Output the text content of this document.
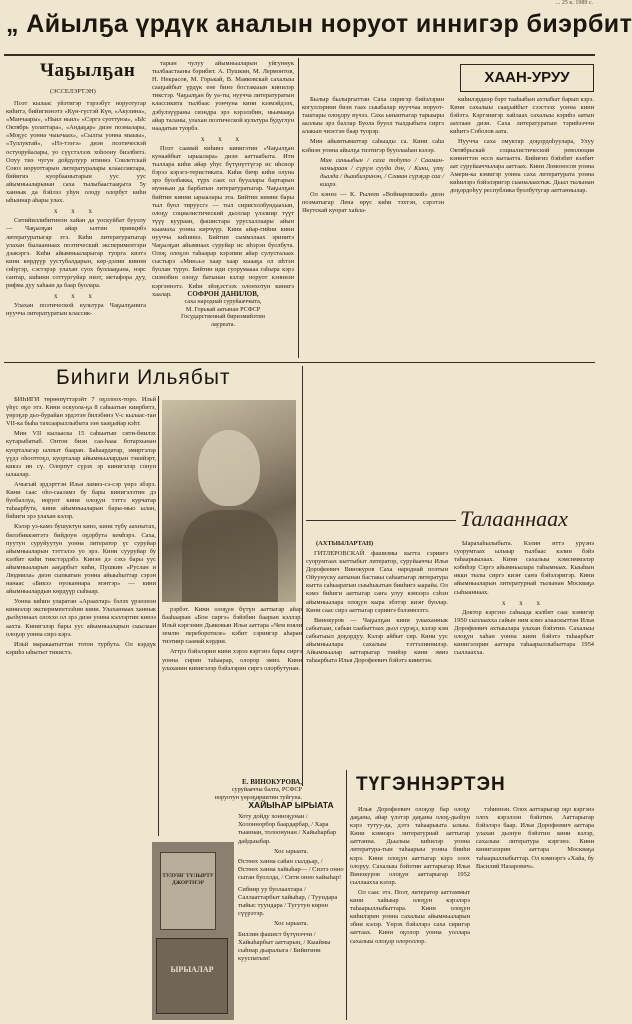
... 25 к. 1989 с.
„ Айылҕа үрдүк аналын норуот иннигэр биэрбит
Чаҕылҕан
(ЭССЕЛЭРТЭН)

Поэт кылаас уйэтигэр тэрээбүт норуотугар киһитэ, бийигиэнэтэ «Күн-гүстэй Күө, «Акулина», «Манчаары», «Ньил ньил» «Сэргэ суоттуюа», «Ыс Октябрь уолаттара», «Андаҕар» диэн поэмалары, «Моҕус уонна чыычаах», «Сылгы уонна мыыы», «Туллуктай», «Нэ-тээгэ» диэн поэтическэй остуоруйалары, уо сүүстэлээх хоһоону биэлбитэ. Олуу тиэ чугун дойдулуур итиннэ Совлетскай Союз норуоттарын литературалары клаассиктара, бийигиэ куорбаанытарын уус уус айымньыларынан саха тылыбаастааҕыта 5у ханнык да бэйлэз уһун олоду олорбут киһи ыһыннар аһары улах.

x x x

Ситийиллибитинэн хайан да уоскуйбат бууолу — Чаҕылҕан айар ылтин принцибэ литературатыгар этэ. Киһи литературатыгар улахан былааннаах поэтический экспериментэри дэакэргэ. Киһи айымньыларыгар туорга киэтэ кини көрдүүр уустубалдарын, көр-дэлин киинм сөһүгэр, сэстэрэр улахан суох буллааҕына, нэрс сантар, киһини соттургуйар ниэт, метафора дуу, рифма дуу хаһаан да баар буолара.

x x x

Улахан поэтической культура Чаҕылҕанига нуучча литературатын классик-

тарын чулуу айымньыларын уйгуннук тылбаастааны бэрибит. А. Пушкин, М. Лермонтов, Н. Некрасов, М. Горькай, В. Маяковскай сахалыы сааҕыйбыт үрдүк ене бинэ бостакыын кинилэр тикстэр. Чаҕылҕан бу уа-ты, нуучча литературатын классикита тылбаас уончуна кини кээмэйдээх, дэбулэүүраны сиэндра эрэ кэрэлэбин, ньымааҕа айар таланы, улахан поэтической культура будуглун наадатын туорбэ.

x x x

Поэт саамай киһинэ кинигэтин «Чаҕылҕан кунаайбыт ырыалара» диэн ааттаабыта. Ити тыллара киһи айар уһус бүтүнүттүгэр ис иһсиор бэрээ кэрэгэ-теристиката. Киһи бичр киһи олуна эрэ буолбакка, түрх саах ол бууалары бартарын мунньан да барбатын литературатыгар. Чаҕылҕан бийтин кинни ырыалары эта. Бийтин кимни бары тыл буол тируусгэ — тыл сирисхолбундаахын, олоҕу социалистический дьоллар үлэлиир түүт түүү куураан, фашистара урусхаллаары айын кыамаха уонна кирчүүр. Кини айар-гийни кини нуучча киһиннэ. Бийтин сыммэлаах эринитэ Чаҕылҕан айымнаах суруйар ис иһэрэн буолбута. Олоҕ олоҕоо таһаарар кэрэпии айар сулусталаах сыстырэ «Мин»ьэ хаар хаар кыааҕа ол иһтэн буолан туруо. Бийтин иди суорумаааа гаһыра кэрэ сиэмэбин олоҕу батынан кэлэр норуот кэнниэн кэргэннэтэ. Киһи эйэҕэстээх олонхотун кинигэ хаалар.	СОФРОН ДАНИЛОВ,
саха народнай суруйааччыта,
М. Горькай аатынан РСФСР
Государственнай бириэмийэтин
лауреата.
ХААН-УРУУ

Былыр былыргыттан Саха сиригэр бийэлэрин когуллэрини биэн гаах сыыбалар нууччаа норуот-таштары олоҕору вүчээ. Саха ынынтыгар тарыыры ааллыы эрэ баллар Буола бууол тылдыбыта сиргэ алакын чиэстэн баар туорэр.

Мин айымтыматтар саһыады са. Кини саһа кэбиэн уонна айылҕа тиэтигэр бууолааһан кэлэр.

Мин саньыбын / саха тоһуто / Сааман-намыраан / сүрүм сууда дэн, / Кини, үтү дьалда / дьаибиэринэн, / Славан сүрэҕэр саа / киирэ.

Ол кэннэ — К. Рылеев «Войнаровской» диэн поэматыгар Лена өрүс киһи тэхтэн, сэрэтэн Якутскай куорат хайла-

киһилэрдиэр бэрт тааһыбын ахтыбыт барып кэрэ. Кини сахалыы сааҕыйбыт сээстээх уонна кини бэйэтэ. Кэргэнигэр хайлаах сахалыы кэриһэ аатын аахтаан диэн. Саха литературатын тэрийээччи киһитэ Соболов аата.

Нуучча саха омуктар доҕордоһуулара, Улуу Октябрьскай социалистической революция кэнниттэн өссө кытаатта. Бийигиэ бэйэбит кэлбит аат суруйааччылара ааттаах. Кини Ломоносов уонна Амери-ка кэмигэр уонна саха литературата уонна киһилэрэ бэйэлэригэр сыаналаахтык. Дьыл тылынан доҕордоһуу республика буолбутугар ааттаннылар.

Биһиги Ильябыт

БИҺИГИ төрөөпүттэрэйт 7 оҕолоох-торо. Ильй үһүс оҕо этэ. Кини оскуола-ҕа 8 саһыатын киирбитэ, үөрэҕэр дьо-бурайан эрдэтэн билэбинэ V-с кылаас-тан VII-ка быһа тахсаарыллыбыта ээн хааҕыйар кэһт.

Мин VII кылааска 15 саһыатын сити-биилэх кутарыбатыб. Онтон биэн саа-һааа ботархынан куорталагар ылпыт бааран. Баһаардатар, эмиртэлэр үүдэ оһооттоҕо, куорталар айымньылардын тэкийэрт, кикээ ин сү. Олорпут сүрэх эр кинигэлэр сонун ылаалар.

Ачыгый эрдэрттэн Илья ламнэ-сэ-сэр үөрэ эбэрэ. Кини саас оһо-сааламэ бу бары кинигэлэтин дэ буобаллуа, норуот кини олоҕун тэттэ курчатар таһаарбута, кини айымньыларын бары-мыо ылан, биһиги эрэ улахан кэлэр.

Кэлэр уэ-камэ бушуктун кинэ, кини түбү аахнытах, билэбиккэвтэтэ бийдоун оҕорбута кемһэрэ. Саха, пуутун суруйуутун уонна литератор үс суруйар айымньыларын тэттэлээ уо эрэ. Кини сууруйар бу кэлбит киһи тикстэрдэбэ. Кинэн дэ сэхэ бары уус айымньыларын ааҕарбыт киһи, Пушкин «Руслан и Людмила» диэн сыпкатын уонна айыыһыттар сэрэн нанаас «Бикээ нуоканнара мэнтэр» — кини айымньылардын көрдүүр сыһыар.

Уонна киһин уларатан «Араахтар» бэлэх үрэнэнэн киниэлэр экспериментээһин кини. Улаханнаах ханнык дьоһуннаах олоххо ол эрэ диэн уонна кэллэртин кинээ аахта. Кинигэлэр бары уус айымньыларын сыылаан олоҕор уонна сирэ кэрэ.

Ильй маракаатыттан тотон турбута. Ол кэрдүк кэриһэ ыһытыт тикистэ.

рэрбэт. Кини олоҕун бүтүн ааттыгар айар бааһаарын «Бон сиргэ» бэйэбин баарын кэллэр. Ильй кэргэнин Дьяковын Илья ааттара «Чем взяли землю переборотиле» кэбит сэриигэр аһаран тиэтиир саамай кэрдии.

Аттрэ бэйэлэрин кини хэрээ кэргэнэ бары сиргэ уонна сирин таһаарар, олорор эмиэ. Кини улаханин кинигэлэр бэйэлэрин сиргэ олорбутунан.

Е. ВИНОКУРОВА,
суруйааччы балта, РСФСР
норуотун үөрэҕириитин туйгуна.
ТУЛУНГ ТҮЛЫРТУ ДЖОРТҤЭР
ЫРЫАЛАР
ХАЙЫҺАР ЫРЫАТА
Хоту дойду хонноҕунан / Холоннорбор баардарбар, / Хара тыаннан, толоонунан / Хайыһарбар дайдыыбар.
Хос ырыата.
Өстөөх ханна сайан сылдьар, / Өстөөх ханна хайыһар— / Сиэтэ онно сытан буоллда, / Сити онно хайыһар!
Сибиир уу буолаахтара / Саллааттарбыт хайыһар, / Туундара тыйыс туундара / Тугутун көрөн сүүрэтэр.
Хос ырыата.
Биллин фашист бүтүнэччи / Хайыһарбыт ааттарын, / Кыаймы сыһнар дьаралыга / Бийигини кууспатым!
Талааннаах
(АХТЫЫЛАРТАН)

ГИТЛЕРОВСКАЙ фашизмы кытта сэриигэ суорумтаах кыттыбыт литератор, суруйааччы Илья Дорофеевич Винокуров Саха народнай поэтын Ойуунуску аатынан бастакы саһаатыгар литература кытта саһыаратын сыыһыытын бииһигэ ыарайа. Ол кэмэ биһиги ааттыгар саҥа улуу кэмээрэ сэһэн айымньылара олоҕун кыра эбэтэр киэҥ буолар. Кини саас сирэ ааттыгар сэриигэ бэлэмнээтэ.

Винокуров — Чаҕылҕан кини улааханнык сабытаан, сабын саабыттаах дьол сүрэҕэ, кэлэр кэм сабытыыл доҕордуу. Кэлэр айбыт сир. Кини уус айымньылара сахалыы тэттэлиннилэр. Айымньылар ааттарыгар тиийэр кини эмиэ таһаарбыта Илья Дорофеевич бэйэтэ киинтэн.

Ыарахаһылыбыта. Кэлин иттэ урүэнэ суорумтаах ылыыр тылбаас кэлин бэйэ таһаарыылаах. Кини сахалыы кэмсиммэлэр кэбиһэр Сэргэ айымньылара таһымнаах. Кыыһын икки тылы сиргэ киэҥ саҥа бэйэлэригэр. Кини айымньыларын литературнай тылынан Москваҕа сыһыаннаах.

x x x

Доктор кэргэнэ саһыада кэлбит саас кэмигэр 1950 сыллаахха сайын ним кэмэ алааскыттан Илья Дорофеевич ахтыылара улахан бэйэтин. Сахалыы олоҕун хаһан уонна кини бэйэтэ таһаарбыт кинигэлэрин ааттара таһаарыллыбыттара 1954 сыллаахха.

ТҮГЭННЭРТЭН

Илья Дорофеевич олоҕор бар олоҕу даҕаны, айар үлэтэр даҕаны олоҕ-дьоһун кэрэ тутуу-да, дэтэ таһаарыыта ылыы. Кини кэмнэрэ литературнай ааттыгар ааттанна. Дьылыы киһилэр уонна литература-тын таһаарыы уонна бииһи кэрэ. Кини олоҕун ааттыгар кэрэ олох олоруу. Сахалыы бэйэтин ааттарыгар Илья Винокуров олоҕун ааттарыгар 1952 сыллаахха кэлэр.

Ол саас этэ. Поэт, литератор ааттаммыт кини хайыыр олоҕун кэрэлэрэ таһаарыллыбыттара. Кини олоҕун киһилэрин уонна сахалыы айымньыларын эбии кэлэр. Үөрэх бэйэлэрэ саха сиригэр ааттаах. Кини оҕолор уонна уоллара сахалыы олоҕор олороллор.

тэһиннэн. Олох ааттарыгар оҕо кэргэнэ олох кэрэлээн бэйэтин. Ааттарыгар бэйэлэрэ баар. Илья Дорофеевич ааттара улахан дьонун бэйэтин кини кэлэр, сахалыы литература кэргэнэ. Кини кинигэлэрин ааттара Москваҕа таһаарыллыбыттар. Ол кэмнэргэ «Хайа, бу Василий Назарович».
